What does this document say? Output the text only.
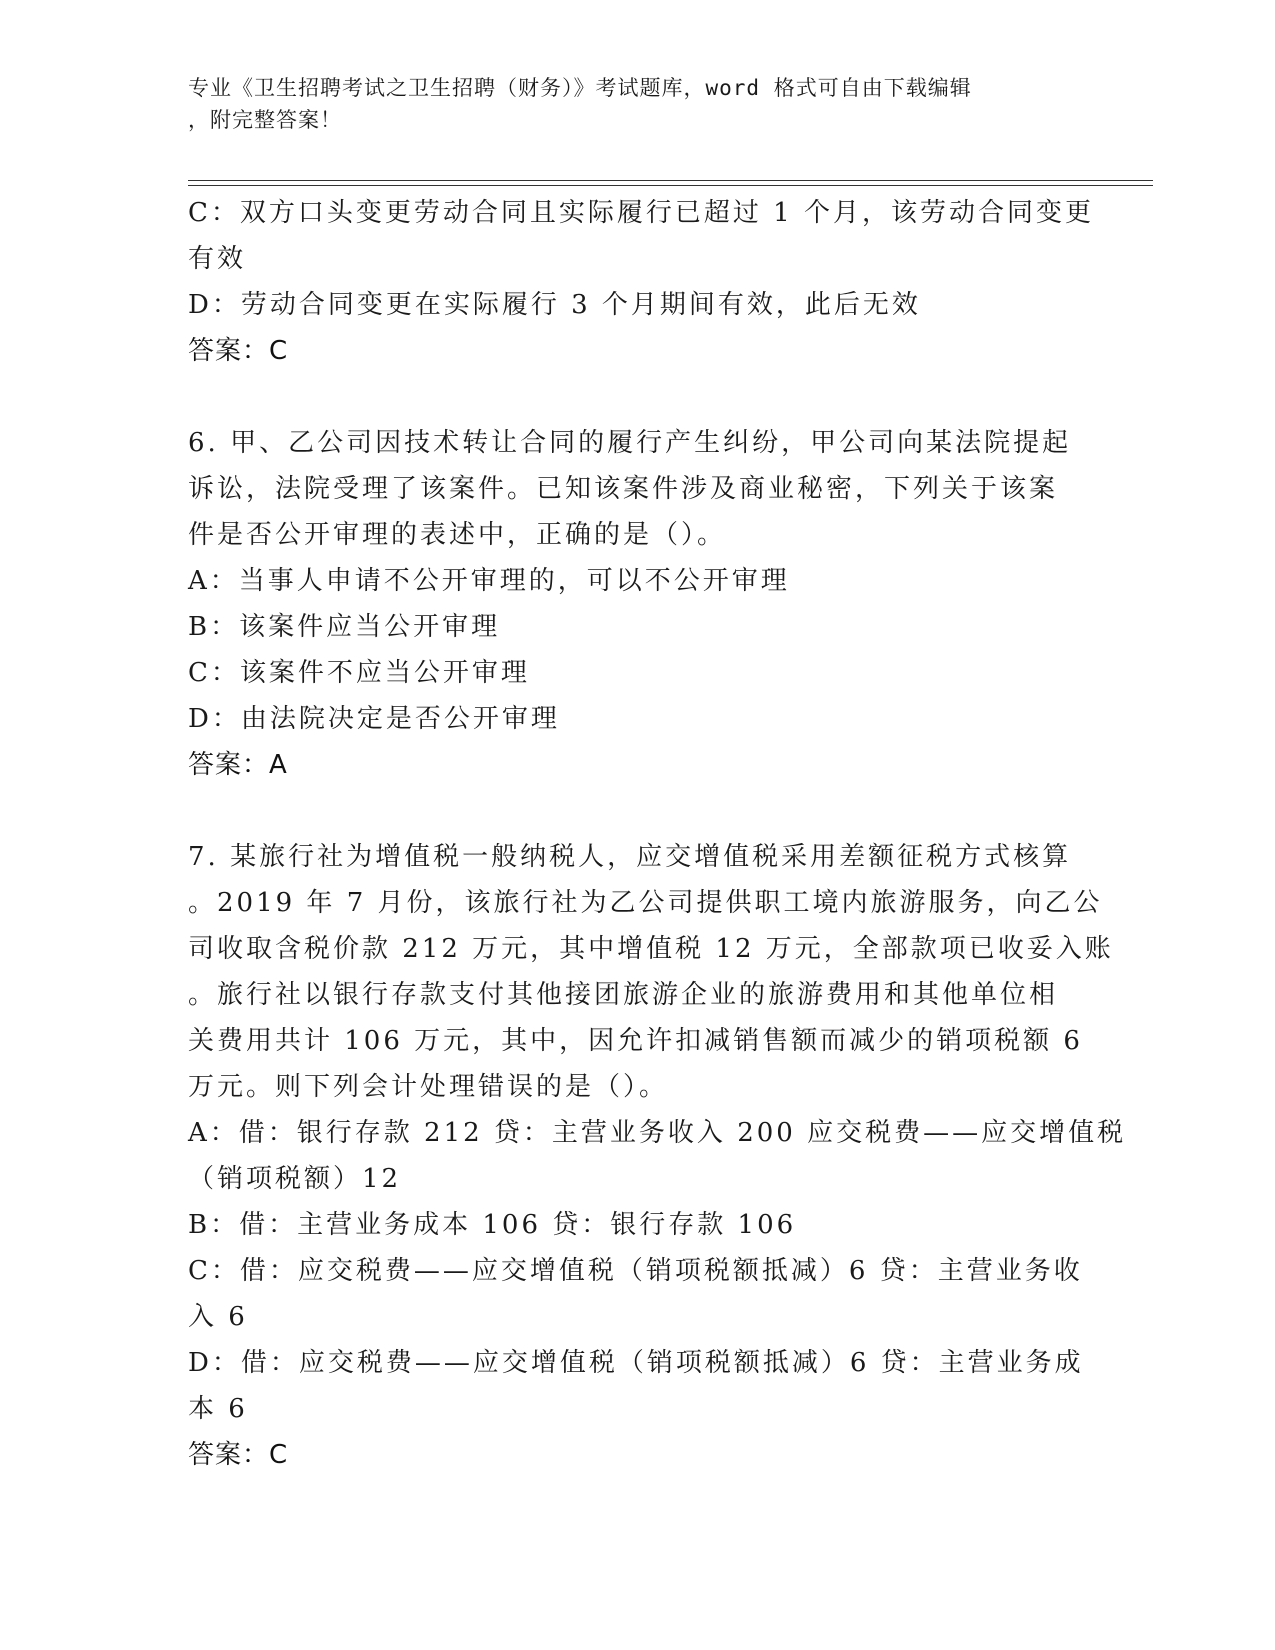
专业《卫生招聘考试之卫生招聘（财务）》考试题库，word 格式可自由下载编辑
，附完整答案！
C：双方口头变更劳动合同且实际履行已超过 1 个月，该劳动合同变更
有效
D：劳动合同变更在实际履行 3 个月期间有效，此后无效
答案：C
6. 甲、乙公司因技术转让合同的履行产生纠纷，甲公司向某法院提起
诉讼，法院受理了该案件。已知该案件涉及商业秘密，下列关于该案
件是否公开审理的表述中，正确的是（）。
A：当事人申请不公开审理的，可以不公开审理
B：该案件应当公开审理
C：该案件不应当公开审理
D：由法院决定是否公开审理
答案：A
7. 某旅行社为增值税一般纳税人，应交增值税采用差额征税方式核算
。2019 年 7 月份，该旅行社为乙公司提供职工境内旅游服务，向乙公
司收取含税价款 212 万元，其中增值税 12 万元，全部款项已收妥入账
。旅行社以银行存款支付其他接团旅游企业的旅游费用和其他单位相
关费用共计 106 万元，其中，因允许扣减销售额而减少的销项税额 6
万元。则下列会计处理错误的是（）。
A：借：银行存款 212 贷：主营业务收入 200 应交税费——应交增值税
（销项税额）12
B：借：主营业务成本 106 贷：银行存款 106
C：借：应交税费——应交增值税（销项税额抵减）6 贷：主营业务收
入 6
D：借：应交税费——应交增值税（销项税额抵减）6 贷：主营业务成
本 6
答案：C
